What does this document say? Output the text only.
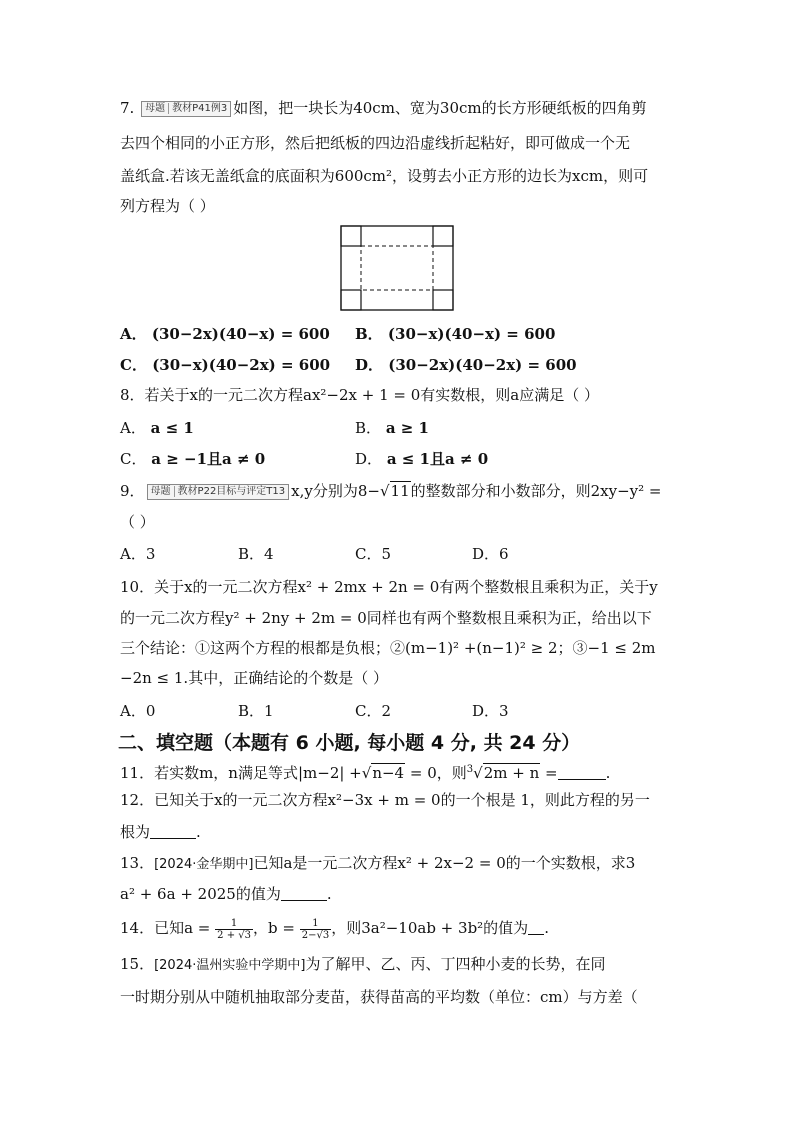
7. 母题 教材P41例3 如图，把一块长为40cm、宽为30cm的长方形硬纸板的四角剪
去四个相同的小正方形，然后把纸板的四边沿虚线折起粘好，即可做成一个无
盖纸盒.若该无盖纸盒的底面积为600cm²，设剪去小正方形的边长为xcm，则可
列方程为（ ）
A． (30−2x)(40−x) = 600 B． (30−x)(40−x) = 600
C． (30−x)(40−2x) = 600 D． (30−2x)(40−2x) = 600
8．若关于x的一元二次方程ax²−2x + 1 = 0有实数根，则a应满足（ ）
A． a ≤ 1	B． a ≥ 1
C． a ≥ −1且a ≠ 0	D． a ≤ 1且a ≠ 0
9． 母题 教材P22目标与评定T13 x,y分别为8−√11的整数部分和小数部分，则2xy−y² =
（ ）
A．3	B．4	C．5	D．6
10．关于x的一元二次方程x² + 2mx + 2n = 0有两个整数根且乘积为正，关于y
的一元二次方程y² + 2ny + 2m = 0同样也有两个整数根且乘积为正，给出以下
三个结论：①这两个方程的根都是负根；②(m−1)² +(n−1)² ≥ 2；③−1 ≤ 2m
−2n ≤ 1.其中，正确结论的个数是（ ）
A．0	B．1	C．2	D．3
二、填空题（本题有 6 小题, 每小题 4 分, 共 24 分）
11．若实数m，n满足等式|m−2| +√n−4 = 0，则$^3$√2m + n =	.
12．已知关于x的一元二次方程x²−3x + m = 0的一个根是 1，则此方程的另一
根为	.
13．[2024·金华期中]已知a是一元二次方程x² + 2x−2 = 0的一个实数根，求3
a² + 6a + 2025的值为	.
14．已知$a = \frac{1}{2 + √3}$ ，$b = \frac{1}{2-√3}$ ，则3a²−10ab + 3b²的值为 .
15．[2024·温州实验中学期中]为了解甲、乙、丙、丁四种小麦的长势，在同
一时期分别从中随机抽取部分麦苗，获得苗高的平均数（单位：cm）与方差（
